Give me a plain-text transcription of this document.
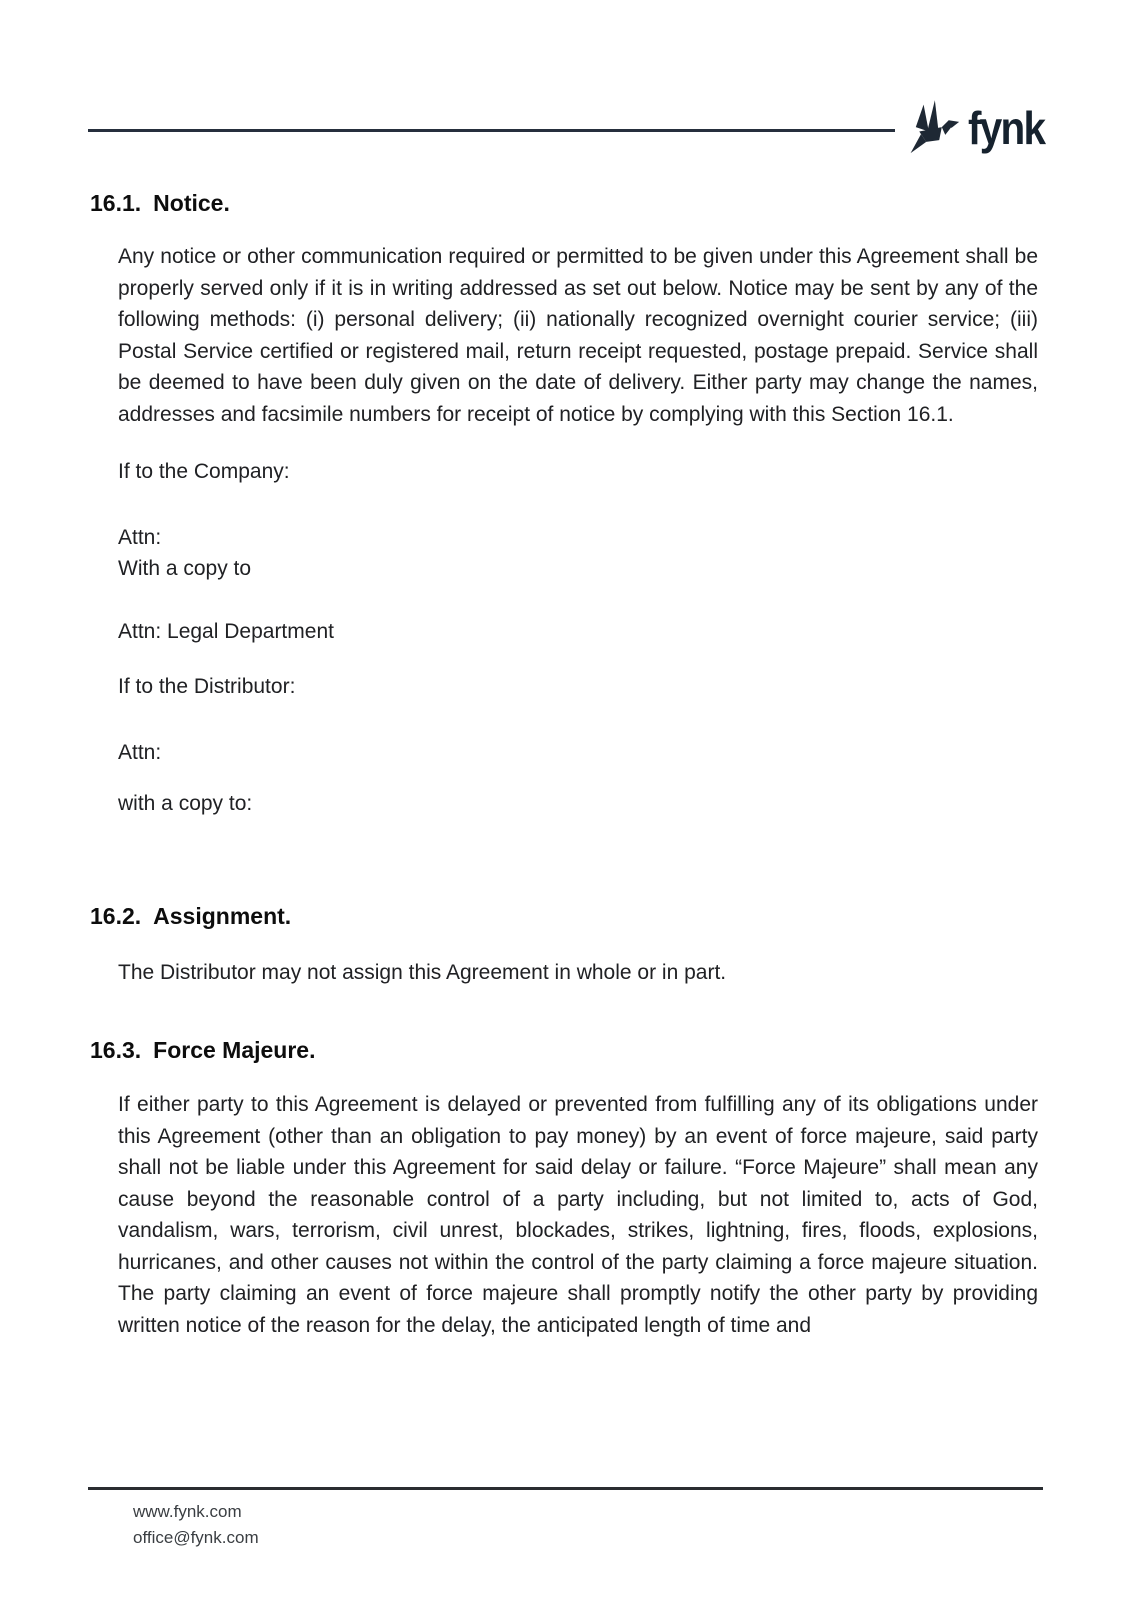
fynk
16.1. Notice.

Any notice or other communication required or permitted to be given under this Agreement shall be properly served only if it is in writing addressed as set out below. Notice may be sent by any of the following methods: (i) personal delivery; (ii) nationally recognized overnight courier service; (iii) Postal Service certified or registered mail, return receipt requested, postage prepaid. Service shall be deemed to have been duly given on the date of delivery. Either party may change the names, addresses and facsimile numbers for receipt of notice by complying with this Section 16.1.

If to the Company:

Attn:

With a copy to

Attn: Legal Department

If to the Distributor:

Attn:

with a copy to:

16.2. Assignment.

The Distributor may not assign this Agreement in whole or in part.

16.3. Force Majeure.

If either party to this Agreement is delayed or prevented from fulfilling any of its obligations under this Agreement (other than an obligation to pay money) by an event of force majeure, said party shall not be liable under this Agreement for said delay or failure. “Force Majeure” shall mean any cause beyond the reasonable control of a party including, but not limited to, acts of God, vandalism, wars, terrorism, civil unrest, blockades, strikes, lightning, fires, floods, explosions, hurricanes, and other causes not within the control of the party claiming a force majeure situation. The party claiming an event of force majeure shall promptly notify the other party by providing written notice of the reason for the delay, the anticipated length of time and

www.fynk.com
office@fynk.com
